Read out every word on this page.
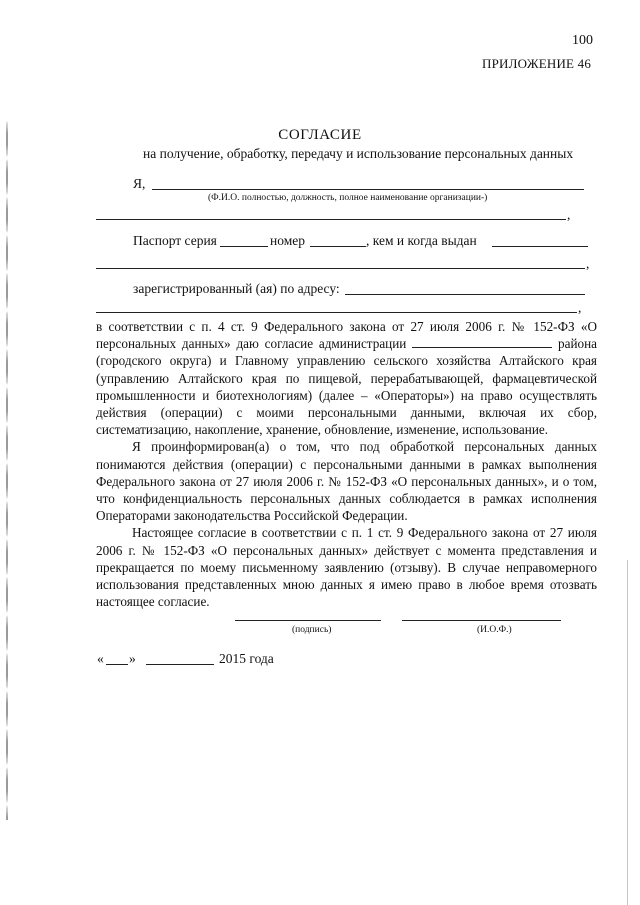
100
ПРИЛОЖЕНИЕ 46
СОГЛАСИЕ
на получение, обработку, передачу и использование персональных данных
Я,
(Ф.И.О. полностью, должность, полное наименование организации-)
,
Паспорт серия	номер	, кем и когда выдан
,
зарегистрированный (ая) по адресу:
,

в соответствии с п. 4 ст. 9 Федерального закона от 27 июля 2006 г. № 152-ФЗ «О персональных данных» даю согласие администрации	района (городского округа) и Главному управлению сельского хозяйства Алтайского края (управлению Алтайского края по пищевой, перерабатывающей, фармацевтической промышленности и биотехнологиям) (далее – «Операторы») на право осуществлять действия (операции) с моими персональными данными, включая их сбор, систематизацию, накопление, хранение, обновление, изменение, использование.

Я проинформирован(а) о том, что под обработкой персональных данных понимаются действия (операции) с персональными данными в рамках выполнения Федерального закона от 27 июля 2006 г. № 152-ФЗ «О персональных данных», и о том, что конфиденциальность персональных данных соблюдается в рамках исполнения Операторами законодательства Российской Федерации.

Настоящее согласие в соответствии с п. 1 ст. 9 Федерального закона от 27 июля 2006 г. № 152-ФЗ «О персональных данных» действует с момента представления и прекращается по моему письменному заявлению (отзыву). В случае неправомерного использования представленных мною данных я имею право в любое время отозвать настоящее согласие.

(подпись)	(И.О.Ф.)
« »	2015 года
